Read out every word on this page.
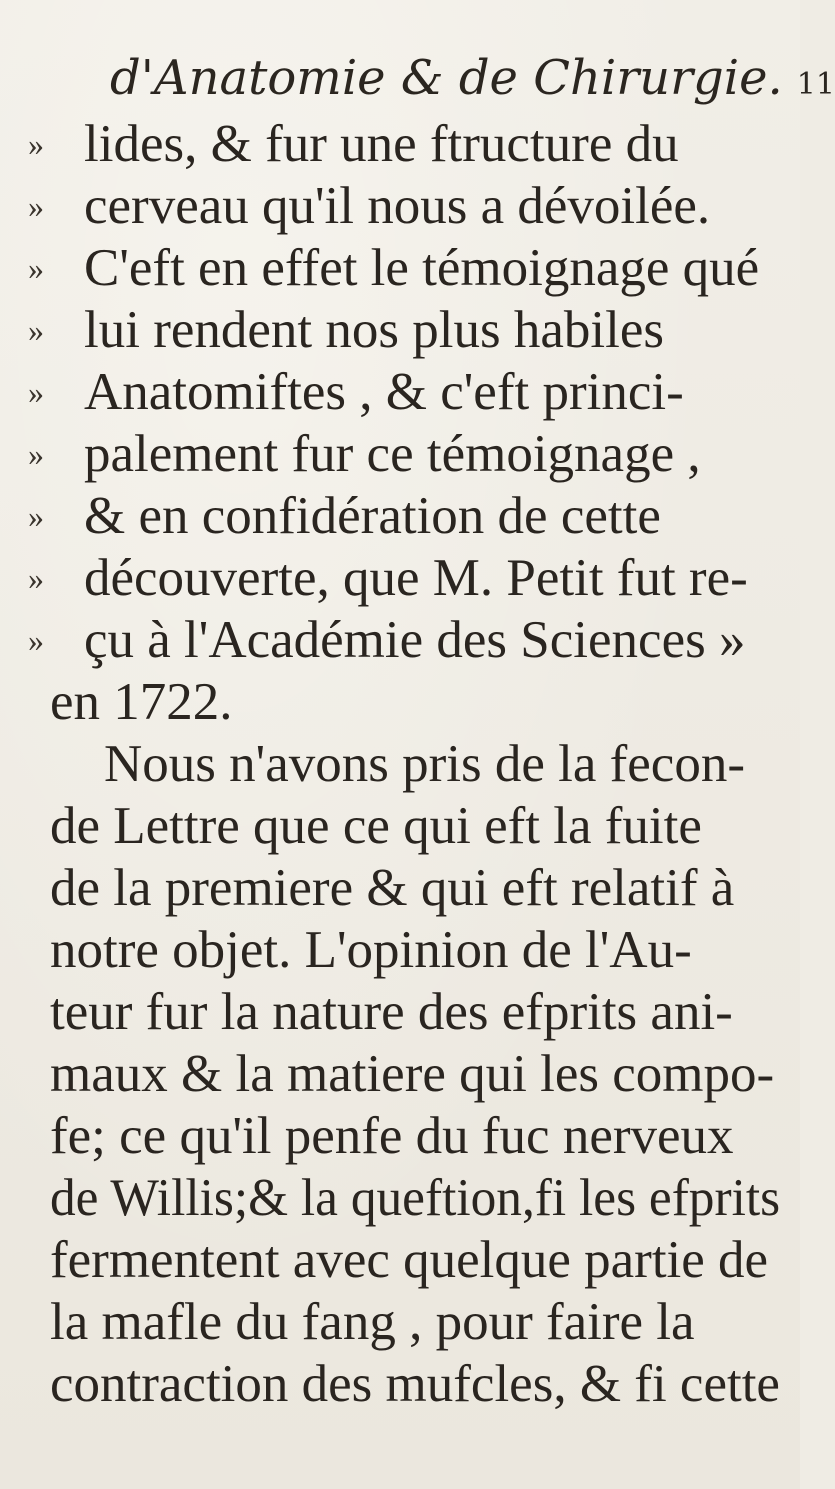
d'Anatomie & de Chirurgie. 11
» lides, & fur une ftructure du
» cerveau qu'il nous a dévoilée.
» C'eft en effet le témoignage qué
» lui rendent nos plus habiles
» Anatomiftes , & c'eft princi-
» palement fur ce témoignage ,
» & en confidération de cette
» découverte, que M. Petit fut re-
» çu à l'Académie des Sciences »
en 1722.
Nous n'avons pris de la fecon-
de Lettre que ce qui eft la fuite
de la premiere & qui eft relatif à
notre objet. L'opinion de l'Au-
teur fur la nature des efprits ani-
maux & la matiere qui les compo-
fe; ce qu'il penfe du fuc nerveux
de Willis;& la queftion,fi les efprits
fermentent avec quelque partie de
la mafle du fang , pour faire la
contraction des mufcles, & fi cette
